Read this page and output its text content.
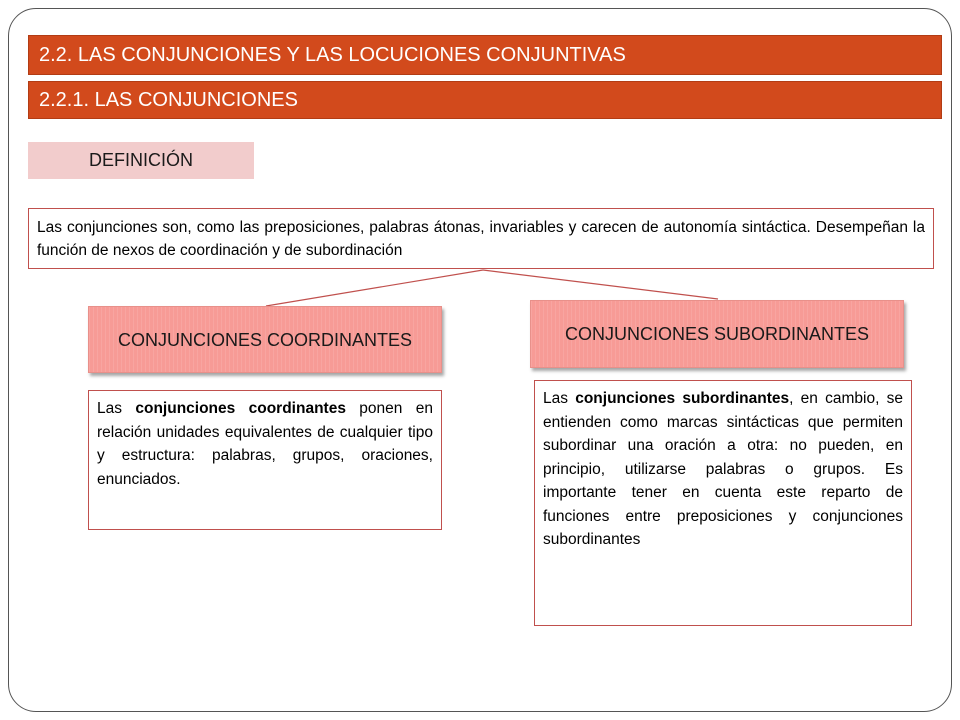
2.2. LAS CONJUNCIONES Y LAS LOCUCIONES CONJUNTIVAS
2.2.1. LAS CONJUNCIONES
DEFINICIÓN
Las conjunciones son, como las preposiciones, palabras átonas, invariables y carecen de autonomía sintáctica. Desempeñan la función de nexos de coordinación y de subordinación
CONJUNCIONES COORDINANTES	CONJUNCIONES SUBORDINANTES

Las conjunciones coordinantes ponen en relación unidades equivalentes de cualquier tipo y estructura: palabras, grupos, oraciones, enunciados.

Las conjunciones subordinantes, en cambio, se entienden como marcas sintácticas que permiten subordinar una oración a otra: no pueden, en principio, utilizarse palabras o grupos. Es importante tener en cuenta este reparto de funciones entre preposiciones y conjunciones subordinantes
